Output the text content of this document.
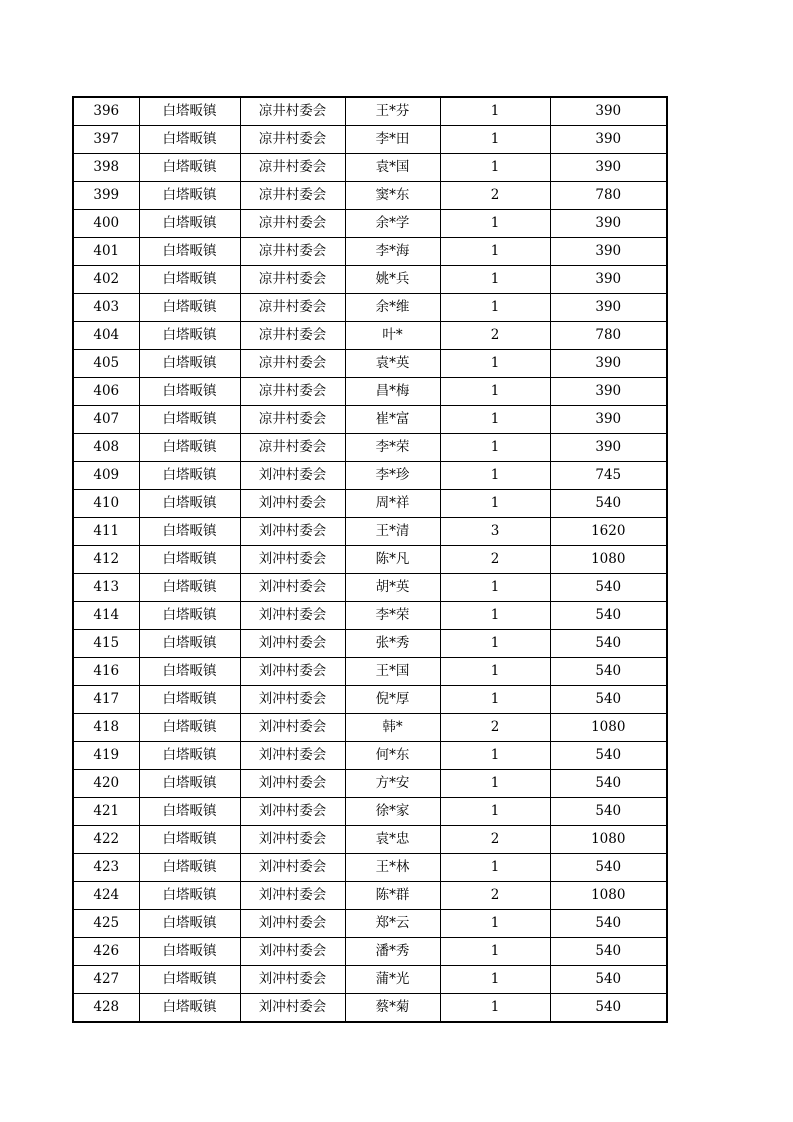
396	白塔畈镇	凉井村委会	王*芬	1	390
397	白塔畈镇	凉井村委会	李*田	1	390
398	白塔畈镇	凉井村委会	袁*国	1	390
399	白塔畈镇	凉井村委会	窦*东	2	780
400	白塔畈镇	凉井村委会	余*学	1	390
401	白塔畈镇	凉井村委会	李*海	1	390
402	白塔畈镇	凉井村委会	姚*兵	1	390
403	白塔畈镇	凉井村委会	余*维	1	390
404	白塔畈镇	凉井村委会	叶*	2	780
405	白塔畈镇	凉井村委会	袁*英	1	390
406	白塔畈镇	凉井村委会	昌*梅	1	390
407	白塔畈镇	凉井村委会	崔*富	1	390
408	白塔畈镇	凉井村委会	李*荣	1	390
409	白塔畈镇	刘冲村委会	李*珍	1	745
410	白塔畈镇	刘冲村委会	周*祥	1	540
411	白塔畈镇	刘冲村委会	王*清	3	1620
412	白塔畈镇	刘冲村委会	陈*凡	2	1080
413	白塔畈镇	刘冲村委会	胡*英	1	540
414	白塔畈镇	刘冲村委会	李*荣	1	540
415	白塔畈镇	刘冲村委会	张*秀	1	540
416	白塔畈镇	刘冲村委会	王*国	1	540
417	白塔畈镇	刘冲村委会	倪*厚	1	540
418	白塔畈镇	刘冲村委会	韩*	2	1080
419	白塔畈镇	刘冲村委会	何*东	1	540
420	白塔畈镇	刘冲村委会	方*安	1	540
421	白塔畈镇	刘冲村委会	徐*家	1	540
422	白塔畈镇	刘冲村委会	袁*忠	2	1080
423	白塔畈镇	刘冲村委会	王*林	1	540
424	白塔畈镇	刘冲村委会	陈*群	2	1080
425	白塔畈镇	刘冲村委会	郑*云	1	540
426	白塔畈镇	刘冲村委会	潘*秀	1	540
427	白塔畈镇	刘冲村委会	蒲*光	1	540
428	白塔畈镇	刘冲村委会	蔡*菊	1	540
